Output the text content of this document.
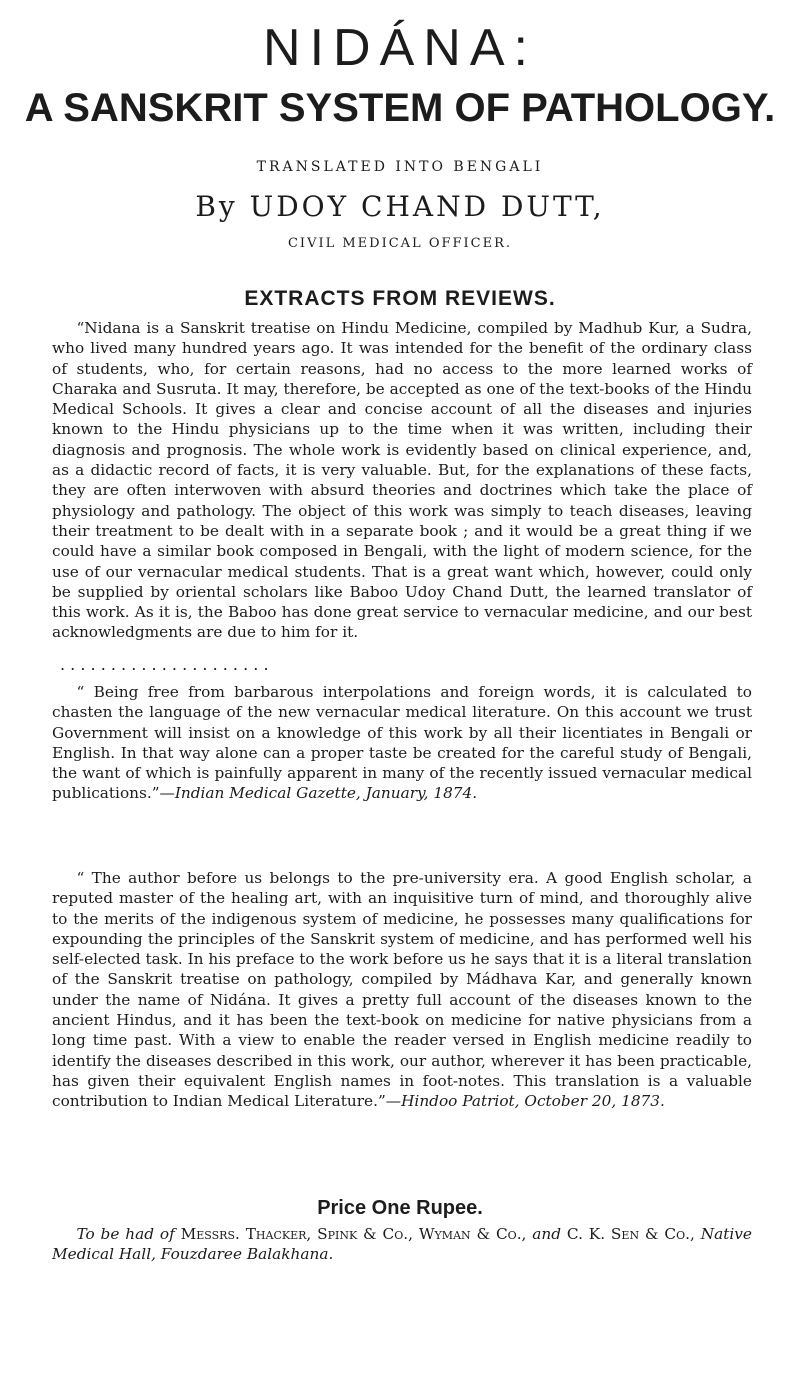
NIDÁNA:
A SANSKRIT SYSTEM OF PATHOLOGY.
TRANSLATED INTO BENGALI
By UDOY CHAND DUTT,
CIVIL MEDICAL OFFICER.
EXTRACTS FROM REVIEWS.

“Nidana is a Sanskrit treatise on Hindu Medicine, compiled by Madhub Kur, a Sudra, who lived many hundred years ago. It was intended for the benefit of the ordinary class of students, who, for certain reasons, had no access to the more learned works of Charaka and Susruta. It may, therefore, be accepted as one of the text-books of the Hindu Medical Schools. It gives a clear and concise account of all the diseases and injuries known to the Hindu physicians up to the time when it was written, including their diagnosis and prognosis. The whole work is evidently based on clinical experience, and, as a didactic record of facts, it is very valuable. But, for the explanations of these facts, they are often interwoven with absurd theories and doctrines which take the place of physiology and pathology. The object of this work was simply to teach diseases, leaving their treatment to be dealt with in a separate book ; and it would be a great thing if we could have a similar book composed in Bengali, with the light of modern science, for the use of our vernacular medical students. That is a great want which, however, could only be supplied by oriental scholars like Baboo Udoy Chand Dutt, the learned translator of this work. As it is, the Baboo has done great service to vernacular medicine, and our best acknowledgments are due to him for it.

. . . . . . . . . . . . . . . . . . . . .

“ Being free from barbarous interpolations and foreign words, it is calculated to chasten the language of the new vernacular medical literature. On this account we trust Government will insist on a knowledge of this work by all their licentiates in Bengali or English. In that way alone can a proper taste be created for the careful study of Bengali, the want of which is painfully apparent in many of the recently issued vernacular medical publications.”—Indian Medical Gazette, January, 1874.

“ The author before us belongs to the pre-university era. A good English scholar, a reputed master of the healing art, with an inquisitive turn of mind, and thoroughly alive to the merits of the indigenous system of medicine, he possesses many qualifications for expounding the principles of the Sanskrit system of medicine, and has performed well his self-elected task. In his preface to the work before us he says that it is a literal translation of the Sanskrit treatise on pathology, compiled by Mádhava Kar, and generally known under the name of Nidána. It gives a pretty full account of the diseases known to the ancient Hindus, and it has been the text-book on medicine for native physicians from a long time past. With a view to enable the reader versed in English medicine readily to identify the diseases described in this work, our author, wherever it has been practicable, has given their equivalent English names in foot-notes. This translation is a valuable contribution to Indian Medical Literature.”—Hindoo Patriot, October 20, 1873.

Price One Rupee.

To be had of Messrs. Thacker, Spink & Co., Wyman & Co., and C. K. Sen & Co., Native Medical Hall, Fouzdaree Balakhana.
